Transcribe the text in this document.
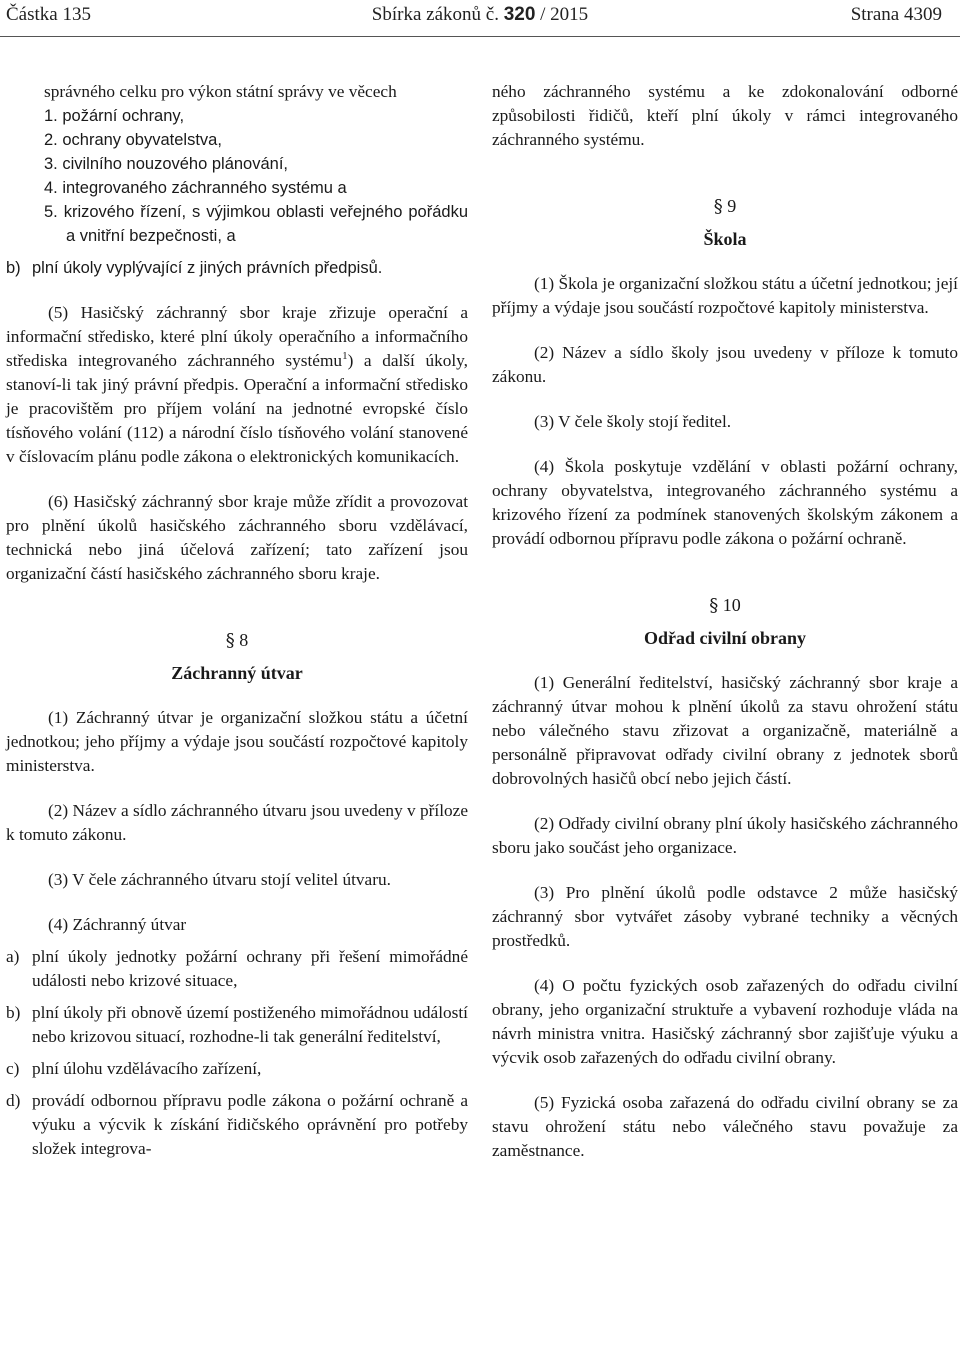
Částka 135	Sbírka zákonů č. 320 / 2015	Strana 4309

správného celku pro výkon státní správy ve věcech

1. požární ochrany,

2. ochrany obyvatelstva,

3. civilního nouzového plánování,

4. integrovaného záchranného systému a

5. krizového řízení, s výjimkou oblasti veřejného pořádku a vnitřní bezpečnosti, a

b) plní úkoly vyplývající z jiných právních předpisů.

(5) Hasičský záchranný sbor kraje zřizuje operační a informační středisko, které plní úkoly operačního a informačního střediska integrovaného záchranného systému$^1$) a další úkoly, stanoví-li tak jiný právní předpis. Operační a informační středisko je pracovištěm pro příjem volání na jednotné evropské číslo tísňového volání (112) a národní číslo tísňového volání stanovené v číslovacím plánu podle zákona o elektronických komunikacích.

(6) Hasičský záchranný sbor kraje může zřídit a provozovat pro plnění úkolů hasičského záchranného sboru vzdělávací, technická nebo jiná účelová zařízení; tato zařízení jsou organizační částí hasičského záchranného sboru kraje.

§ 8

Záchranný útvar

(1) Záchranný útvar je organizační složkou státu a účetní jednotkou; jeho příjmy a výdaje jsou součástí rozpočtové kapitoly ministerstva.

(2) Název a sídlo záchranného útvaru jsou uvedeny v příloze k tomuto zákonu.

(3) V čele záchranného útvaru stojí velitel útvaru.

(4) Záchranný útvar

a) plní úkoly jednotky požární ochrany při řešení mimořádné události nebo krizové situace,
b) plní úkoly při obnově území postiženého mimořádnou událostí nebo krizovou situací, rozhodne-li tak generální ředitelství,
c) plní úlohu vzdělávacího zařízení,
d) provádí odbornou přípravu podle zákona o požární ochraně a výuku a výcvik k získání řidičského oprávnění pro potřeby složek integrova-

ného záchranného systému a ke zdokonalování odborné způsobilosti řidičů, kteří plní úkoly v rámci integrovaného záchranného systému.

§ 9

Škola

(1) Škola je organizační složkou státu a účetní jednotkou; její příjmy a výdaje jsou součástí rozpočtové kapitoly ministerstva.

(2) Název a sídlo školy jsou uvedeny v příloze k tomuto zákonu.

(3) V čele školy stojí ředitel.

(4) Škola poskytuje vzdělání v oblasti požární ochrany, ochrany obyvatelstva, integrovaného záchranného systému a krizového řízení za podmínek stanovených školským zákonem a provádí odbornou přípravu podle zákona o požární ochraně.

§ 10

Odřad civilní obrany

(1) Generální ředitelství, hasičský záchranný sbor kraje a záchranný útvar mohou k plnění úkolů za stavu ohrožení státu nebo válečného stavu zřizovat a organizačně, materiálně a personálně připravovat odřady civilní obrany z jednotek sborů dobrovolných hasičů obcí nebo jejich částí.

(2) Odřady civilní obrany plní úkoly hasičského záchranného sboru jako součást jeho organizace.

(3) Pro plnění úkolů podle odstavce 2 může hasičský záchranný sbor vytvářet zásoby vybrané techniky a věcných prostředků.

(4) O počtu fyzických osob zařazených do odřadu civilní obrany, jeho organizační struktuře a vybavení rozhoduje vláda na návrh ministra vnitra. Hasičský záchranný sbor zajišťuje výuku a výcvik osob zařazených do odřadu civilní obrany.

(5) Fyzická osoba zařazená do odřadu civilní obrany se za stavu ohrožení státu nebo válečného stavu považuje za zaměstnance.
